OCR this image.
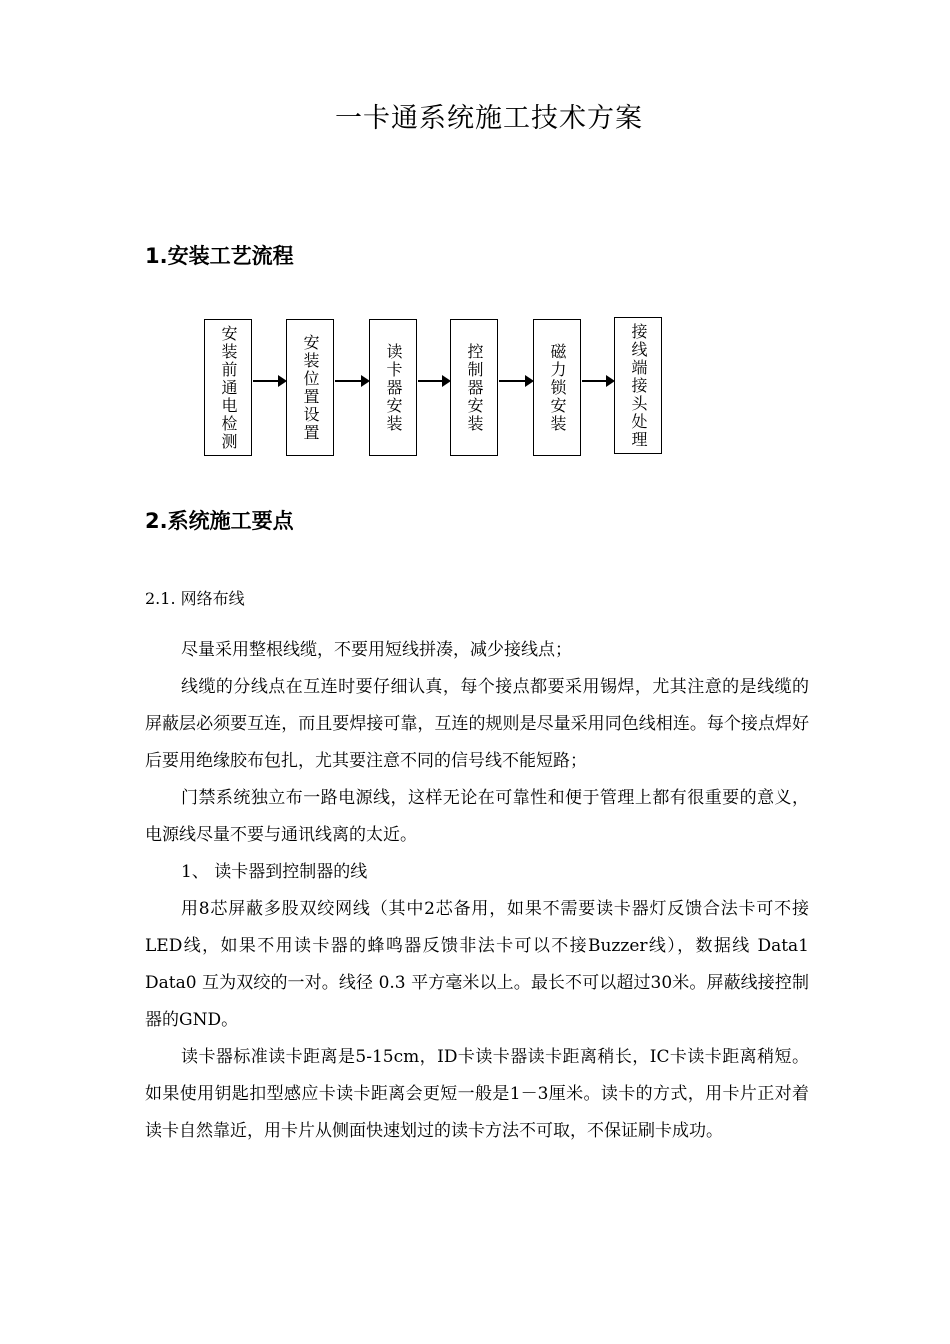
一卡通系统施工技术方案
1.安装工艺流程
安装前通电检测	安装位置设置	读卡器安装	控制器安装	磁力锁安装	接线端接头处理
2.系统施工要点
2.1. 网络布线

尽量采用整根线缆，不要用短线拼凑，减少接线点；

线缆的分线点在互连时要仔细认真，每个接点都要采用锡焊，尤其注意的是线缆的屏蔽层必须要互连，而且要焊接可靠，互连的规则是尽量采用同色线相连。每个接点焊好后要用绝缘胶布包扎，尤其要注意不同的信号线不能短路；

门禁系统独立布一路电源线，这样无论在可靠性和便于管理上都有很重要的意义，电源线尽量不要与通讯线离的太近。

1、 读卡器到控制器的线

用8芯屏蔽多股双绞网线（其中2芯备用，如果不需要读卡器灯反馈合法卡可不接LED线，如果不用读卡器的蜂鸣器反馈非法卡可以不接Buzzer线），数据线 Data1 Data0 互为双绞的一对。线径 0.3 平方毫米以上。最长不可以超过30米。屏蔽线接控制器的GND。

读卡器标准读卡距离是5-15cm，ID卡读卡器读卡距离稍长，IC卡读卡距离稍短。如果使用钥匙扣型感应卡读卡距离会更短一般是1－3厘米。读卡的方式，用卡片正对着读卡自然靠近，用卡片从侧面快速划过的读卡方法不可取，不保证刷卡成功。
